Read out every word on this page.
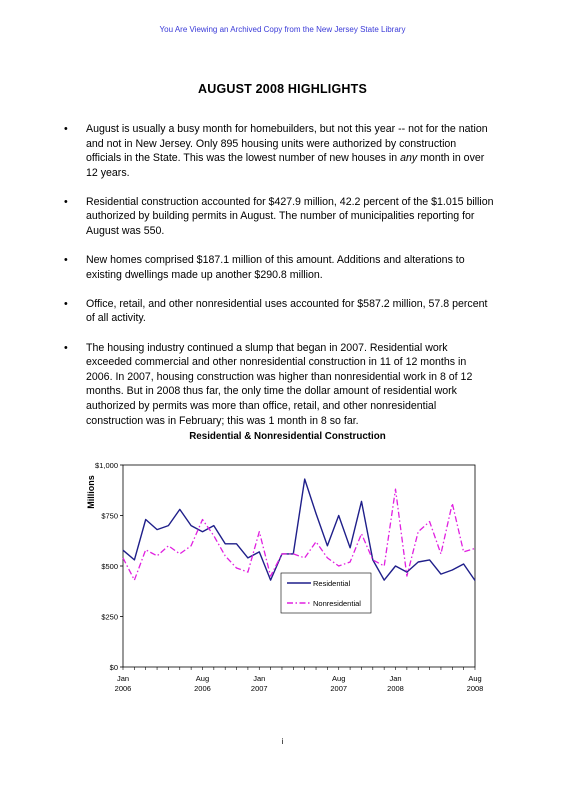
You Are Viewing an Archived Copy from the New Jersey State Library
AUGUST 2008 HIGHLIGHTS
• August is usually a busy month for homebuilders, but not this year -- not for the nation and not in New Jersey. Only 895 housing units were authorized by construction officials in the State. This was the lowest number of new houses in any month in over 12 years.
• Residential construction accounted for $427.9 million, 42.2 percent of the $1.015 billion authorized by building permits in August. The number of municipalities reporting for August was 550.
• New homes comprised $187.1 million of this amount. Additions and alterations to existing dwellings made up another $290.8 million.
• Office, retail, and other nonresidential uses accounted for $587.2 million, 57.8 percent of all activity.
• The housing industry continued a slump that began in 2007. Residential work exceeded commercial and other nonresidential construction in 11 of 12 months in 2006. In 2007, housing construction was higher than nonresidential work in 8 of 12 months. But in 2008 thus far, the only time the dollar amount of residential work authorized by permits was more than office, retail, and other nonresidential construction was in February; this was 1 month in 8 so far.
Residential & Nonresidential Construction
Millions
$0
$250
$500
$750
$1,000
Jan
2006
Aug
2006
Jan
2007
Aug
2007
Jan
2008
Aug
2008
Residential
Nonresidential
i
